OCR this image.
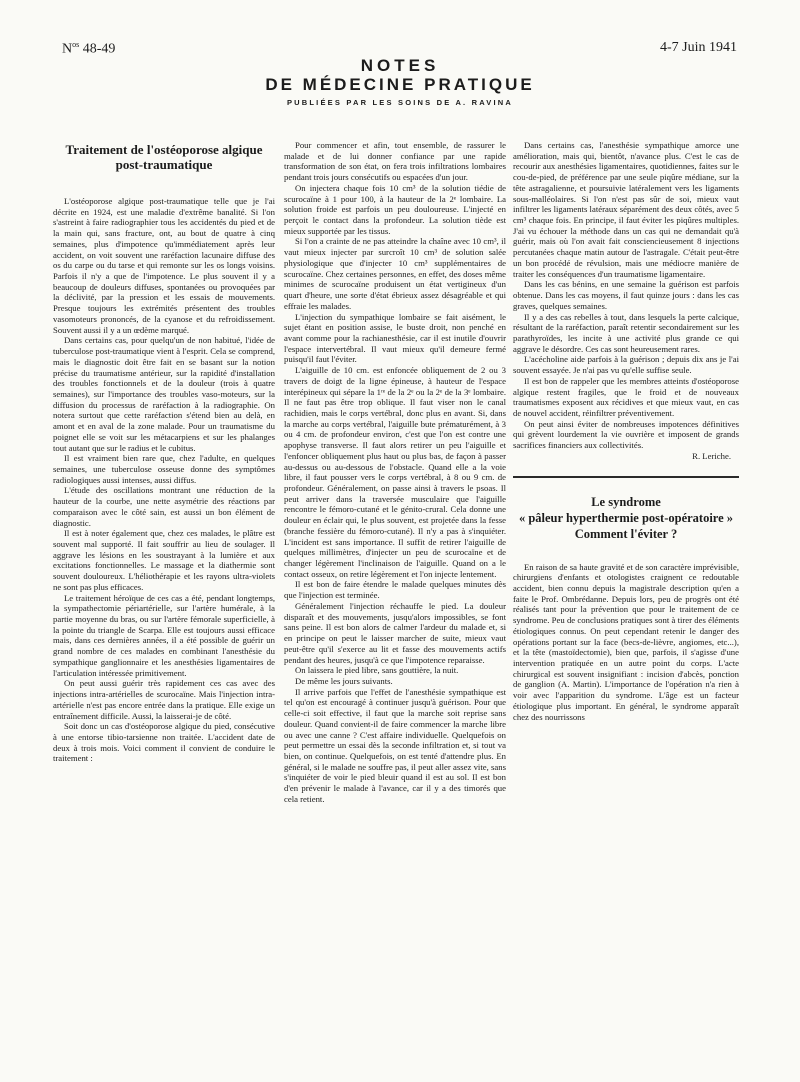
$N^{os}$ 48-49	4-7 Juin 1941
NOTES
DE MÉDECINE PRATIQUE
PUBLIÉES PAR LES SOINS DE A. RAVINA
Traitement de l'ostéoporose algique
post-traumatique

L'ostéoporose algique post-traumatique telle que je l'ai décrite en 1924, est une maladie d'extrême banalité. Si l'on s'astreint à faire radiographier tous les accidentés du pied et de la main qui, sans fracture, ont, au bout de quatre à cinq semaines, plus d'impotence qu'immédiatement après leur accident, on voit souvent une raréfaction lacunaire diffuse des os du carpe ou du tarse et qui remonte sur les os longs voisins. Parfois il n'y a que de l'impotence. Le plus souvent il y a beaucoup de douleurs diffuses, spontanées ou provoquées par la déclivité, par la pression et les essais de mouvements. Presque toujours les extrémités présentent des troubles vasomoteurs prononcés, de la cyanose et du refroidissement. Souvent aussi il y a un œdème marqué.

Dans certains cas, pour quelqu'un de non habitué, l'idée de tuberculose post-traumatique vient à l'esprit. Cela se comprend, mais le diagnostic doit être fait en se basant sur la notion précise du traumatisme antérieur, sur la rapidité d'installation des troubles fonctionnels et de la douleur (trois à quatre semaines), sur l'importance des troubles vaso-moteurs, sur la diffusion du processus de raréfaction à la radiographie. On notera surtout que cette raréfaction s'étend bien au delà, en amont et en aval de la zone malade. Pour un traumatisme du poignet elle se voit sur les métacarpiens et sur les phalanges tout autant que sur le radius et le cubitus.

Il est vraiment bien rare que, chez l'adulte, en quelques semaines, une tuberculose osseuse donne des symptômes radiologiques aussi intenses, aussi diffus.

L'étude des oscillations montrant une réduction de la hauteur de la courbe, une nette asymétrie des réactions par comparaison avec le côté sain, est aussi un bon élément de diagnostic.

Il est à noter également que, chez ces malades, le plâtre est souvent mal supporté. Il fait souffrir au lieu de soulager. Il aggrave les lésions en les soustrayant à la lumière et aux excitations fonctionnelles. Le massage et la diathermie sont souvent douloureux. L'héliothérapie et les rayons ultra-violets ne sont pas plus efficaces.

Le traitement héroïque de ces cas a été, pendant longtemps, la sympathectomie périartérielle, sur l'artère humérale, à la partie moyenne du bras, ou sur l'artère fémorale superficielle, à la pointe du triangle de Scarpa. Elle est toujours aussi efficace mais, dans ces dernières années, il a été possible de guérir un grand nombre de ces malades en combinant l'anesthésie du sympathique ganglionnaire et les anesthésies ligamentaires de l'articulation intéressée primitivement.

On peut aussi guérir très rapidement ces cas avec des injections intra-artérielles de scurocaïne. Mais l'injection intra-artérielle n'est pas encore entrée dans la pratique. Elle exige un entraînement difficile. Aussi, la laisserai-je de côté.

Soit donc un cas d'ostéoporose algique du pied, consécutive à une entorse tibio-tarsienne non traitée. L'accident date de deux à trois mois. Voici comment il convient de conduire le traitement :

Pour commencer et afin, tout ensemble, de rassurer le malade et de lui donner confiance par une rapide transformation de son état, on fera trois infiltrations lombaires pendant trois jours consécutifs ou espacées d'un jour.

On injectera chaque fois 10 cm³ de la solution tiédie de scurocaïne à 1 pour 100, à la hauteur de la 2ᵉ lombaire. La solution froide est parfois un peu douloureuse. L'injecté en perçoit le contact dans la profondeur. La solution tiède est mieux supportée par les tissus.

Si l'on a crainte de ne pas atteindre la chaîne avec 10 cm³, il vaut mieux injecter par surcroît 10 cm³ de solution salée physiologique que d'injecter 10 cm³ supplémentaires de scurocaïne. Chez certaines personnes, en effet, des doses même minimes de scurocaïne produisent un état vertigineux d'un quart d'heure, une sorte d'état ébrieux assez désagréable et qui effraie les malades.

L'injection du sympathique lombaire se fait aisément, le sujet étant en position assise, le buste droit, non penché en avant comme pour la rachianesthésie, car il est inutile d'ouvrir l'espace intervertébral. Il vaut mieux qu'il demeure fermé puisqu'il faut l'éviter.

L'aiguille de 10 cm. est enfoncée obliquement de 2 ou 3 travers de doigt de la ligne épineuse, à hauteur de l'espace interépineux qui sépare la 1ʳᵉ de la 2ᵉ ou la 2ᵉ de la 3ᵉ lombaire. Il ne faut pas être trop oblique. Il faut viser non le canal rachidien, mais le corps vertébral, donc plus en avant. Si, dans la marche au corps vertébral, l'aiguille bute prématurément, à 3 ou 4 cm. de profondeur environ, c'est que l'on est contre une apophyse transverse. Il faut alors retirer un peu l'aiguille et l'enfoncer obliquement plus haut ou plus bas, de façon à passer au-dessus ou au-dessous de l'obstacle. Quand elle a la voie libre, il faut pousser vers le corps vertébral, à 8 ou 9 cm. de profondeur. Généralement, on passe ainsi à travers le psoas. Il peut arriver dans la traversée musculaire que l'aiguille rencontre le fémoro-cutané et le génito-crural. Cela donne une douleur en éclair qui, le plus souvent, est projetée dans la fesse (branche fessière du fémoro-cutané). Il n'y a pas à s'inquiéter. L'incident est sans importance. Il suffit de retirer l'aiguille de quelques millimètres, d'injecter un peu de scurocaïne et de changer légèrement l'inclinaison de l'aiguille. Quand on a le contact osseux, on retire légèrement et l'on injecte lentement.

Il est bon de faire étendre le malade quelques minutes dès que l'injection est terminée.

Généralement l'injection réchauffe le pied. La douleur disparaît et des mouvements, jusqu'alors impossibles, se font sans peine. Il est bon alors de calmer l'ardeur du malade et, si en principe on peut le laisser marcher de suite, mieux vaut peut-être qu'il s'exerce au lit et fasse des mouvements actifs pendant des heures, jusqu'à ce que l'impotence reparaisse.

On laissera le pied libre, sans gouttière, la nuit.

De même les jours suivants.

Il arrive parfois que l'effet de l'anesthésie sympathique est tel qu'on est encouragé à continuer jusqu'à guérison. Pour que celle-ci soit effective, il faut que la marche soit reprise sans douleur. Quand convient-il de faire commencer la marche libre ou avec une canne ? C'est affaire individuelle. Quelquefois on peut permettre un essai dès la seconde infiltration et, si tout va bien, on continue. Quelquefois, on est tenté d'attendre plus. En général, si le malade ne souffre pas, il peut aller assez vite, sans s'inquiéter de voir le pied bleuir quand il est au sol. Il est bon d'en prévenir le malade à l'avance, car il y a des timorés que cela retient.

Dans certains cas, l'anesthésie sympathique amorce une amélioration, mais qui, bientôt, n'avance plus. C'est le cas de recourir aux anesthésies ligamentaires, quotidiennes, faites sur le cou-de-pied, de préférence par une seule piqûre médiane, sur la tête astragalienne, et poursuivie latéralement vers les ligaments sous-malléolaires. Si l'on n'est pas sûr de soi, mieux vaut infiltrer les ligaments latéraux séparément des deux côtés, avec 5 cm³ chaque fois. En principe, il faut éviter les piqûres multiples. J'ai vu échouer la méthode dans un cas qui ne demandait qu'à guérir, mais où l'on avait fait consciencieusement 8 injections percutanées chaque matin autour de l'astragale. C'était peut-être un bon procédé de révulsion, mais une médiocre manière de traiter les conséquences d'un traumatisme ligamentaire.

Dans les cas bénins, en une semaine la guérison est parfois obtenue. Dans les cas moyens, il faut quinze jours : dans les cas graves, quelques semaines.

Il y a des cas rebelles à tout, dans lesquels la perte calcique, résultant de la raréfaction, paraît retentir secondairement sur les parathyroïdes, les incite à une activité plus grande ce qui aggrave le désordre. Ces cas sont heureusement rares.

L'acécholine aide parfois à la guérison ; depuis dix ans je l'ai souvent essayée. Je n'ai pas vu qu'elle suffise seule.

Il est bon de rappeler que les membres atteints d'ostéoporose algique restent fragiles, que le froid et de nouveaux traumatismes exposent aux récidives et que mieux vaut, en cas de nouvel accident, réinfiltrer préventivement.

On peut ainsi éviter de nombreuses impotences définitives qui grèvent lourdement la vie ouvrière et imposent de grands sacrifices financiers aux collectivités.

R. Leriche.

Le syndrome
« pâleur hyperthermie post-opératoire »
Comment l'éviter ?

En raison de sa haute gravité et de son caractère imprévisible, chirurgiens d'enfants et otologistes craignent ce redoutable accident, bien connu depuis la magistrale description qu'en a faite le Prof. Ombrédanne. Depuis lors, peu de progrès ont été réalisés tant pour la prévention que pour le traitement de ce syndrome. Peu de conclusions pratiques sont à tirer des éléments étiologiques connus. On peut cependant retenir le danger des opérations portant sur la face (becs-de-lièvre, angiomes, etc...), et la tête (mastoïdectomie), bien que, parfois, il s'agisse d'une intervention pratiquée en un autre point du corps. L'acte chirurgical est souvent insignifiant : incision d'abcès, ponction de ganglion (A. Martin). L'importance de l'opération n'a rien à voir avec l'apparition du syndrome. L'âge est un facteur étiologique plus important. En général, le syndrome apparaît chez des nourrissons
